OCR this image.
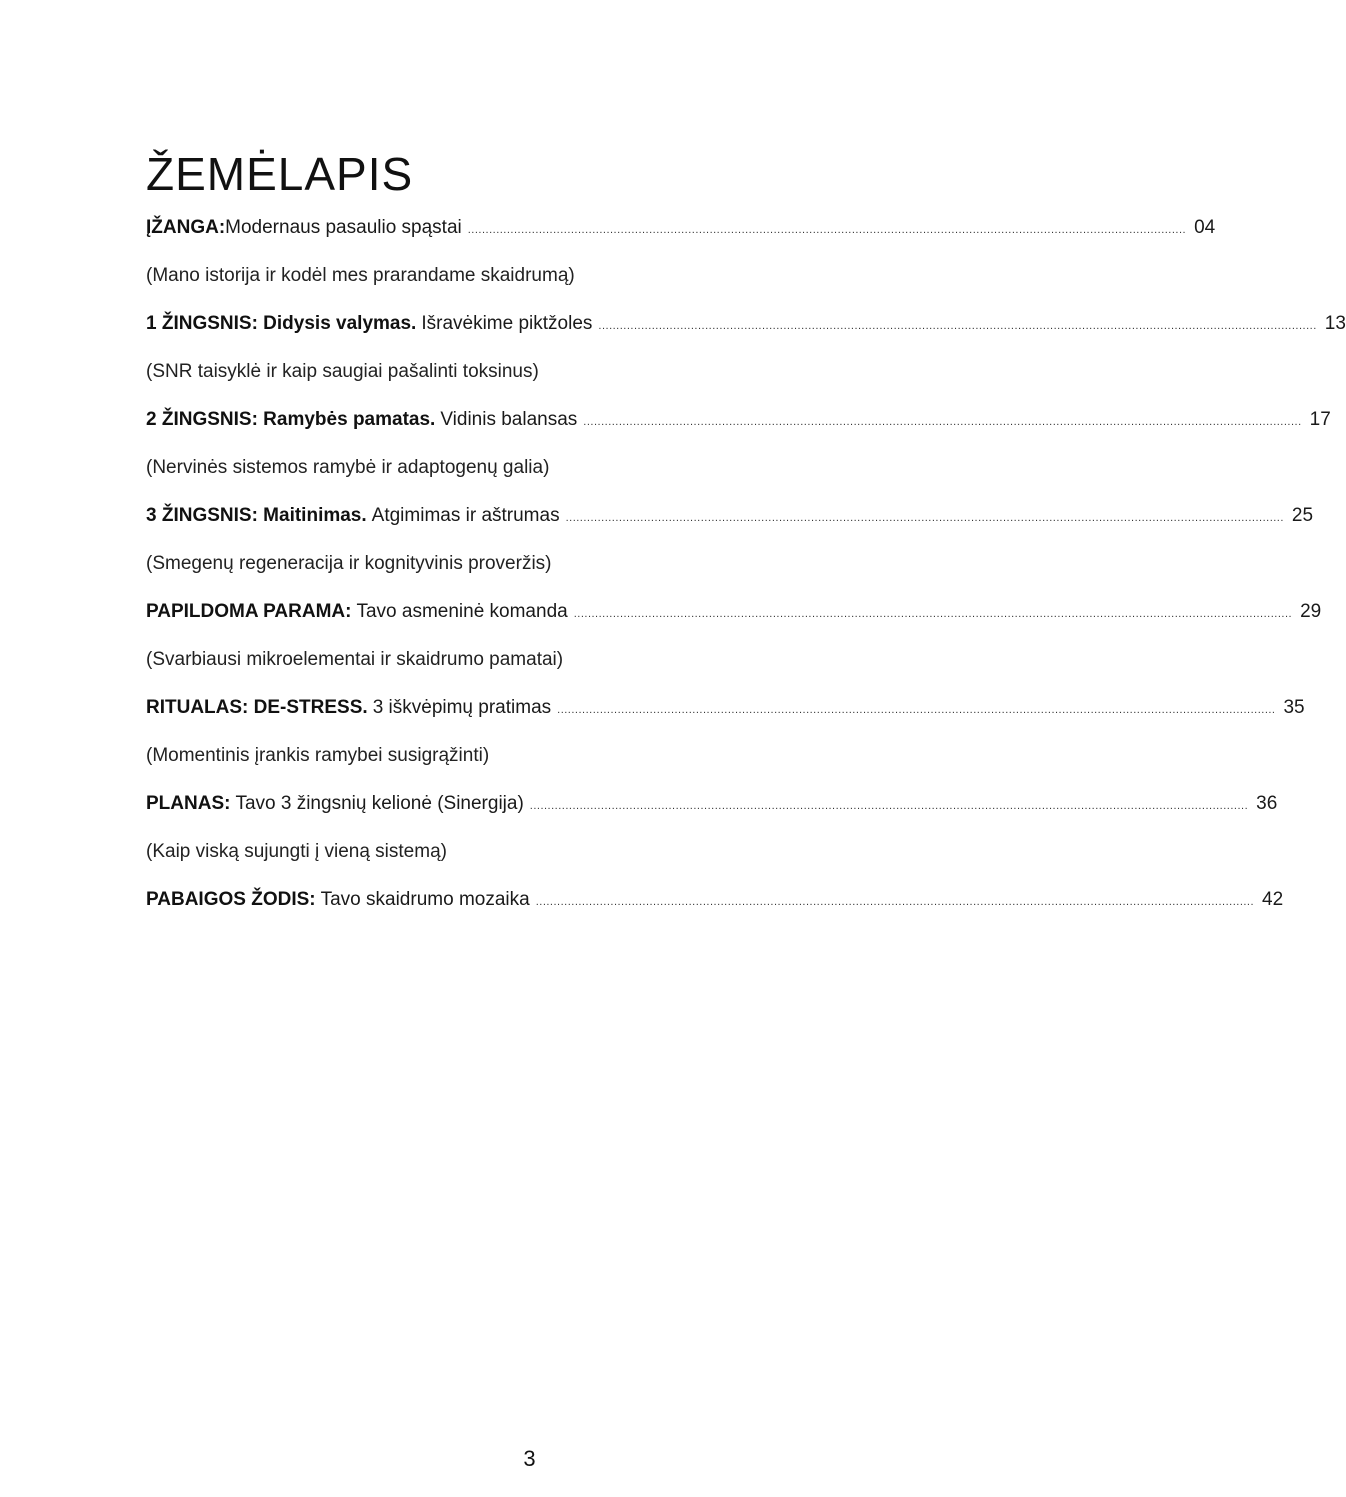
ŽEMĖLAPIS
ĮŽANGA: Modernaus pasaulio spąstai .......................................................................................................................................................................................................... 04
(Mano istorija ir kodėl mes prarandame skaidrumą)
1 ŽINGSNIS: Didysis valymas. Išravėkime piktžoles .......................................................................................................................................................................................................... 13
(SNR taisyklė ir kaip saugiai pašalinti toksinus)
2 ŽINGSNIS: Ramybės pamatas. Vidinis balansas .......................................................................................................................................................................................................... 17
(Nervinės sistemos ramybė ir adaptogenų galia)
3 ŽINGSNIS: Maitinimas. Atgimimas ir aštrumas .......................................................................................................................................................................................................... 25
(Smegenų regeneracija ir kognityvinis proveržis)
PAPILDOMA PARAMA: Tavo asmeninė komanda .......................................................................................................................................................................................................... 29
(Svarbiausi mikroelementai ir skaidrumo pamatai)
RITUALAS: DE-STRESS. 3 iškvėpimų pratimas .......................................................................................................................................................................................................... 35
(Momentinis įrankis ramybei susigrąžinti)
PLANAS: Tavo 3 žingsnių kelionė (Sinergija) .......................................................................................................................................................................................................... 36
(Kaip viską sujungti į vieną sistemą)
PABAIGOS ŽODIS: Tavo skaidrumo mozaika .......................................................................................................................................................................................................... 42
3
